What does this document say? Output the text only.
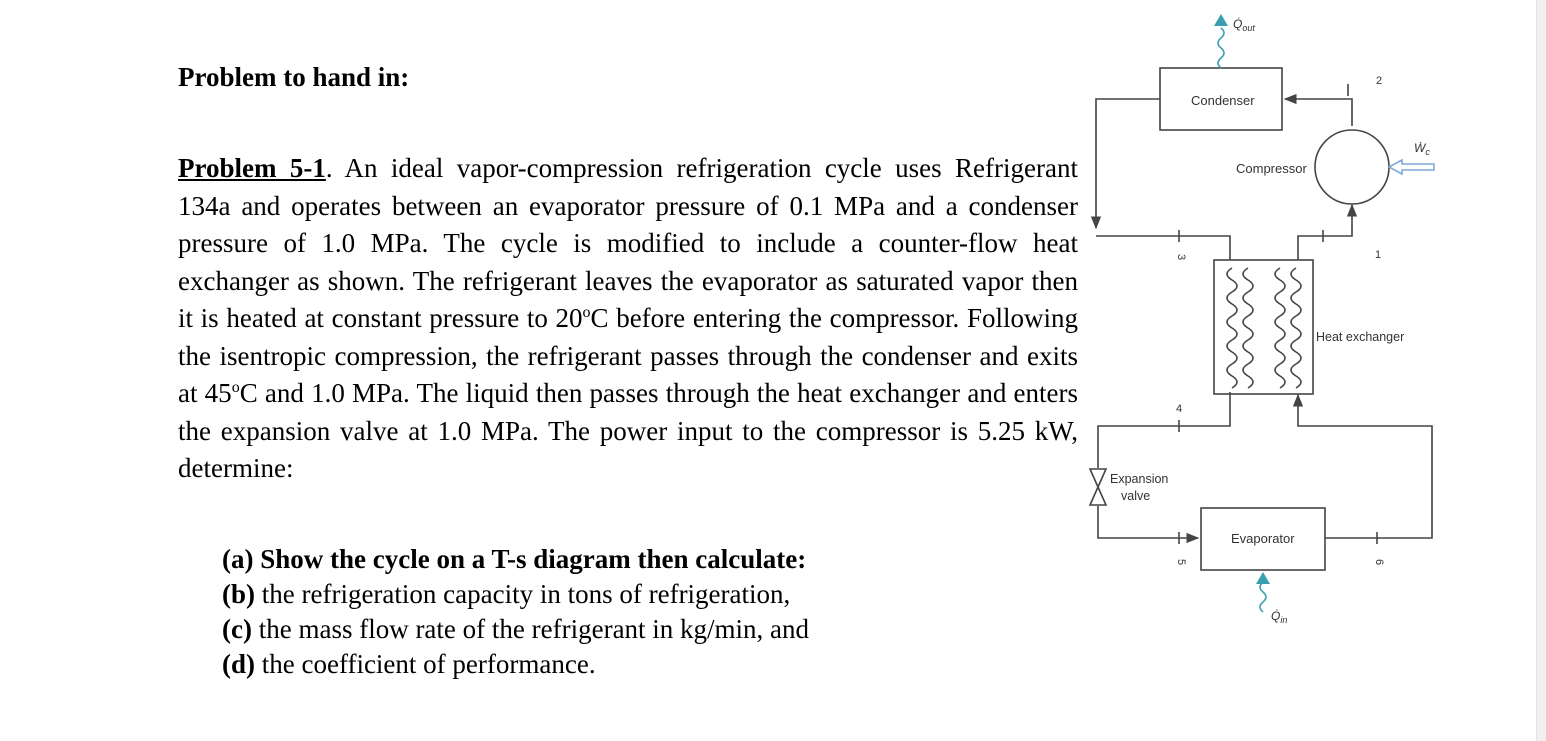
Problem to hand in:
Problem 5-1. An ideal vapor-compression refrigeration cycle uses Refrigerant 134a and operates between an evaporator pressure of 0.1 MPa and a condenser pressure of 1.0 MPa. The cycle is modified to include a counter-flow heat exchanger as shown. The refrigerant leaves the evaporator as saturated vapor then it is heated at constant pressure to 20$^o$C before entering the compressor. Following the isentropic compression, the refrigerant passes through the condenser and exits at 45$^o$C and 1.0 MPa. The liquid then passes through the heat exchanger and enters the expansion valve at 1.0 MPa. The power input to the compressor is 5.25 kW, determine:
(a) Show the cycle on a T-s diagram then calculate:
(b) the refrigeration capacity in tons of refrigeration,
(c) the mass flow rate of the refrigerant in kg/min, and
(d) the coefficient of performance.
$Q̇_{out}$
$Q̇_{in}$
Ẇ$_c$
Condenser
Compressor
Heat exchanger
Expansion
valve
Evaporator
2
1
3
4
5	6
